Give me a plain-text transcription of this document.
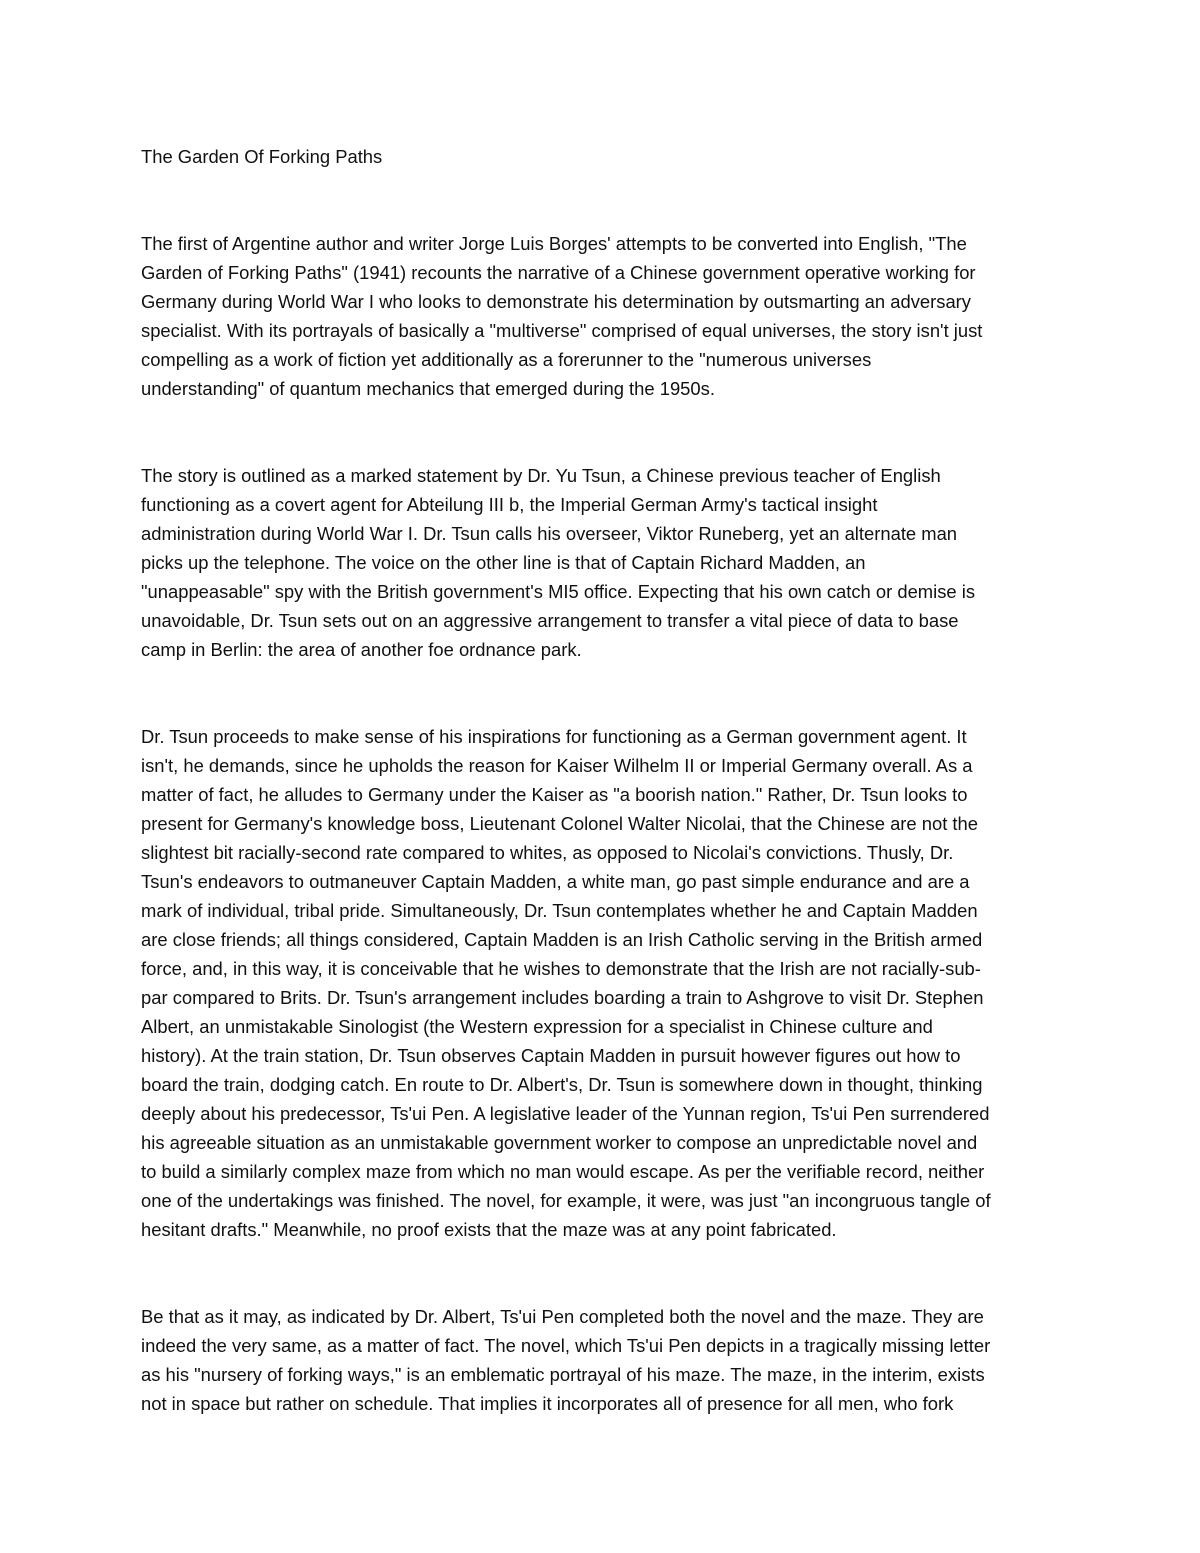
The Garden Of Forking Paths
The first of Argentine author and writer Jorge Luis Borges' attempts to be converted into English, "The
Garden of Forking Paths" (1941) recounts the narrative of a Chinese government operative working for
Germany during World War I who looks to demonstrate his determination by outsmarting an adversary
specialist. With its portrayals of basically a "multiverse" comprised of equal universes, the story isn't just
compelling as a work of fiction yet additionally as a forerunner to the "numerous universes
understanding" of quantum mechanics that emerged during the 1950s.
The story is outlined as a marked statement by Dr. Yu Tsun, a Chinese previous teacher of English
functioning as a covert agent for Abteilung III b, the Imperial German Army's tactical insight
administration during World War I. Dr. Tsun calls his overseer, Viktor Runeberg, yet an alternate man
picks up the telephone. The voice on the other line is that of Captain Richard Madden, an
"unappeasable" spy with the British government's MI5 office. Expecting that his own catch or demise is
unavoidable, Dr. Tsun sets out on an aggressive arrangement to transfer a vital piece of data to base
camp in Berlin: the area of another foe ordnance park.
Dr. Tsun proceeds to make sense of his inspirations for functioning as a German government agent. It
isn't, he demands, since he upholds the reason for Kaiser Wilhelm II or Imperial Germany overall. As a
matter of fact, he alludes to Germany under the Kaiser as "a boorish nation." Rather, Dr. Tsun looks to
present for Germany's knowledge boss, Lieutenant Colonel Walter Nicolai, that the Chinese are not the
slightest bit racially-second rate compared to whites, as opposed to Nicolai's convictions. Thusly, Dr.
Tsun's endeavors to outmaneuver Captain Madden, a white man, go past simple endurance and are a
mark of individual, tribal pride. Simultaneously, Dr. Tsun contemplates whether he and Captain Madden
are close friends; all things considered, Captain Madden is an Irish Catholic serving in the British armed
force, and, in this way, it is conceivable that he wishes to demonstrate that the Irish are not racially-sub-
par compared to Brits. Dr. Tsun's arrangement includes boarding a train to Ashgrove to visit Dr. Stephen
Albert, an unmistakable Sinologist (the Western expression for a specialist in Chinese culture and
history). At the train station, Dr. Tsun observes Captain Madden in pursuit however figures out how to
board the train, dodging catch. En route to Dr. Albert's, Dr. Tsun is somewhere down in thought, thinking
deeply about his predecessor, Ts'ui Pen. A legislative leader of the Yunnan region, Ts'ui Pen surrendered
his agreeable situation as an unmistakable government worker to compose an unpredictable novel and
to build a similarly complex maze from which no man would escape. As per the verifiable record, neither
one of the undertakings was finished. The novel, for example, it were, was just "an incongruous tangle of
hesitant drafts." Meanwhile, no proof exists that the maze was at any point fabricated.
Be that as it may, as indicated by Dr. Albert, Ts'ui Pen completed both the novel and the maze. They are
indeed the very same, as a matter of fact. The novel, which Ts'ui Pen depicts in a tragically missing letter
as his "nursery of forking ways," is an emblematic portrayal of his maze. The maze, in the interim, exists
not in space but rather on schedule. That implies it incorporates all of presence for all men, who fork
